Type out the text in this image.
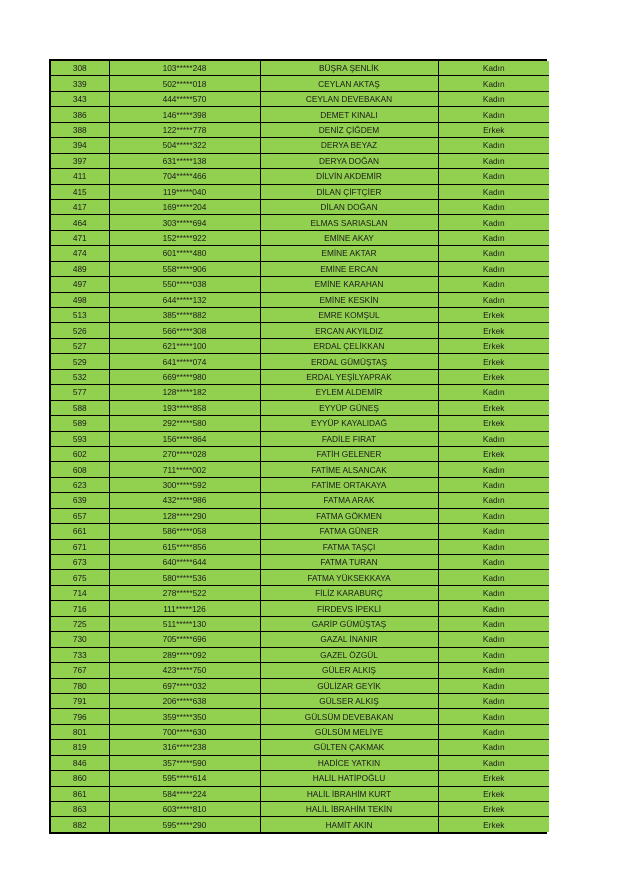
308	103*****248	BÜŞRA ŞENLİK	Kadın
339	502*****018	CEYLAN AKTAŞ	Kadın
343	444*****570	CEYLAN DEVEBAKAN	Kadın
386	146*****398	DEMET KINALI	Kadın
388	122*****778	DENİZ ÇİĞDEM	Erkek
394	504*****322	DERYA BEYAZ	Kadın
397	631*****138	DERYA DOĞAN	Kadın
411	704*****466	DİLVİN AKDEMİR	Kadın
415	119*****040	DİLAN ÇİFTÇİER	Kadın
417	169*****204	DİLAN DOĞAN	Kadın
464	303*****694	ELMAS SARIASLAN	Kadın
471	152*****922	EMİNE AKAY	Kadın
474	601*****480	EMİNE AKTAR	Kadın
489	558*****906	EMİNE ERCAN	Kadın
497	550*****038	EMİNE KARAHAN	Kadın
498	644*****132	EMİNE KESKİN	Kadın
513	385*****882	EMRE KOMŞUL	Erkek
526	566*****308	ERCAN AKYILDIZ	Erkek
527	621*****100	ERDAL ÇELİKKAN	Erkek
529	641*****074	ERDAL GÜMÜŞTAŞ	Erkek
532	669*****980	ERDAL YEŞİLYAPRAK	Erkek
577	128*****182	EYLEM ALDEMİR	Kadın
588	193*****858	EYYÜP GÜNEŞ	Erkek
589	292*****580	EYYÜP KAYALIDAĞ	Erkek
593	156*****864	FADİLE FIRAT	Kadın
602	270*****028	FATİH GELENER	Erkek
608	711*****002	FATİME ALSANCAK	Kadın
623	300*****592	FATİME ORTAKAYA	Kadın
639	432*****986	FATMA ARAK	Kadın
657	128*****290	FATMA GÖKMEN	Kadın
661	586*****058	FATMA GÜNER	Kadın
671	615*****856	FATMA TAŞÇI	Kadın
673	640*****644	FATMA TURAN	Kadın
675	580*****536	FATMA YÜKSEKKAYA	Kadın
714	278*****522	FİLİZ KARABURÇ	Kadın
716	111*****126	FİRDEVS İPEKLİ	Kadın
725	511*****130	GARİP GÜMÜŞTAŞ	Kadın
730	705*****696	GAZAL İNANIR	Kadın
733	289*****092	GAZEL ÖZGÜL	Kadın
767	423*****750	GÜLER ALKIŞ	Kadın
780	697*****032	GÜLİZAR GEYİK	Kadın
791	206*****638	GÜLSER ALKIŞ	Kadın
796	359*****350	GÜLSÜM DEVEBAKAN	Kadın
801	700*****630	GÜLSÜM MELİYE	Kadın
819	316*****238	GÜLTEN ÇAKMAK	Kadın
846	357*****590	HADİCE YATKIN	Kadın
860	595*****614	HALİL HATİPOĞLU	Erkek
861	584*****224	HALİL İBRAHİM KURT	Erkek
863	603*****810	HALİL İBRAHİM TEKİN	Erkek
882	595*****290	HAMİT AKIN	Erkek
